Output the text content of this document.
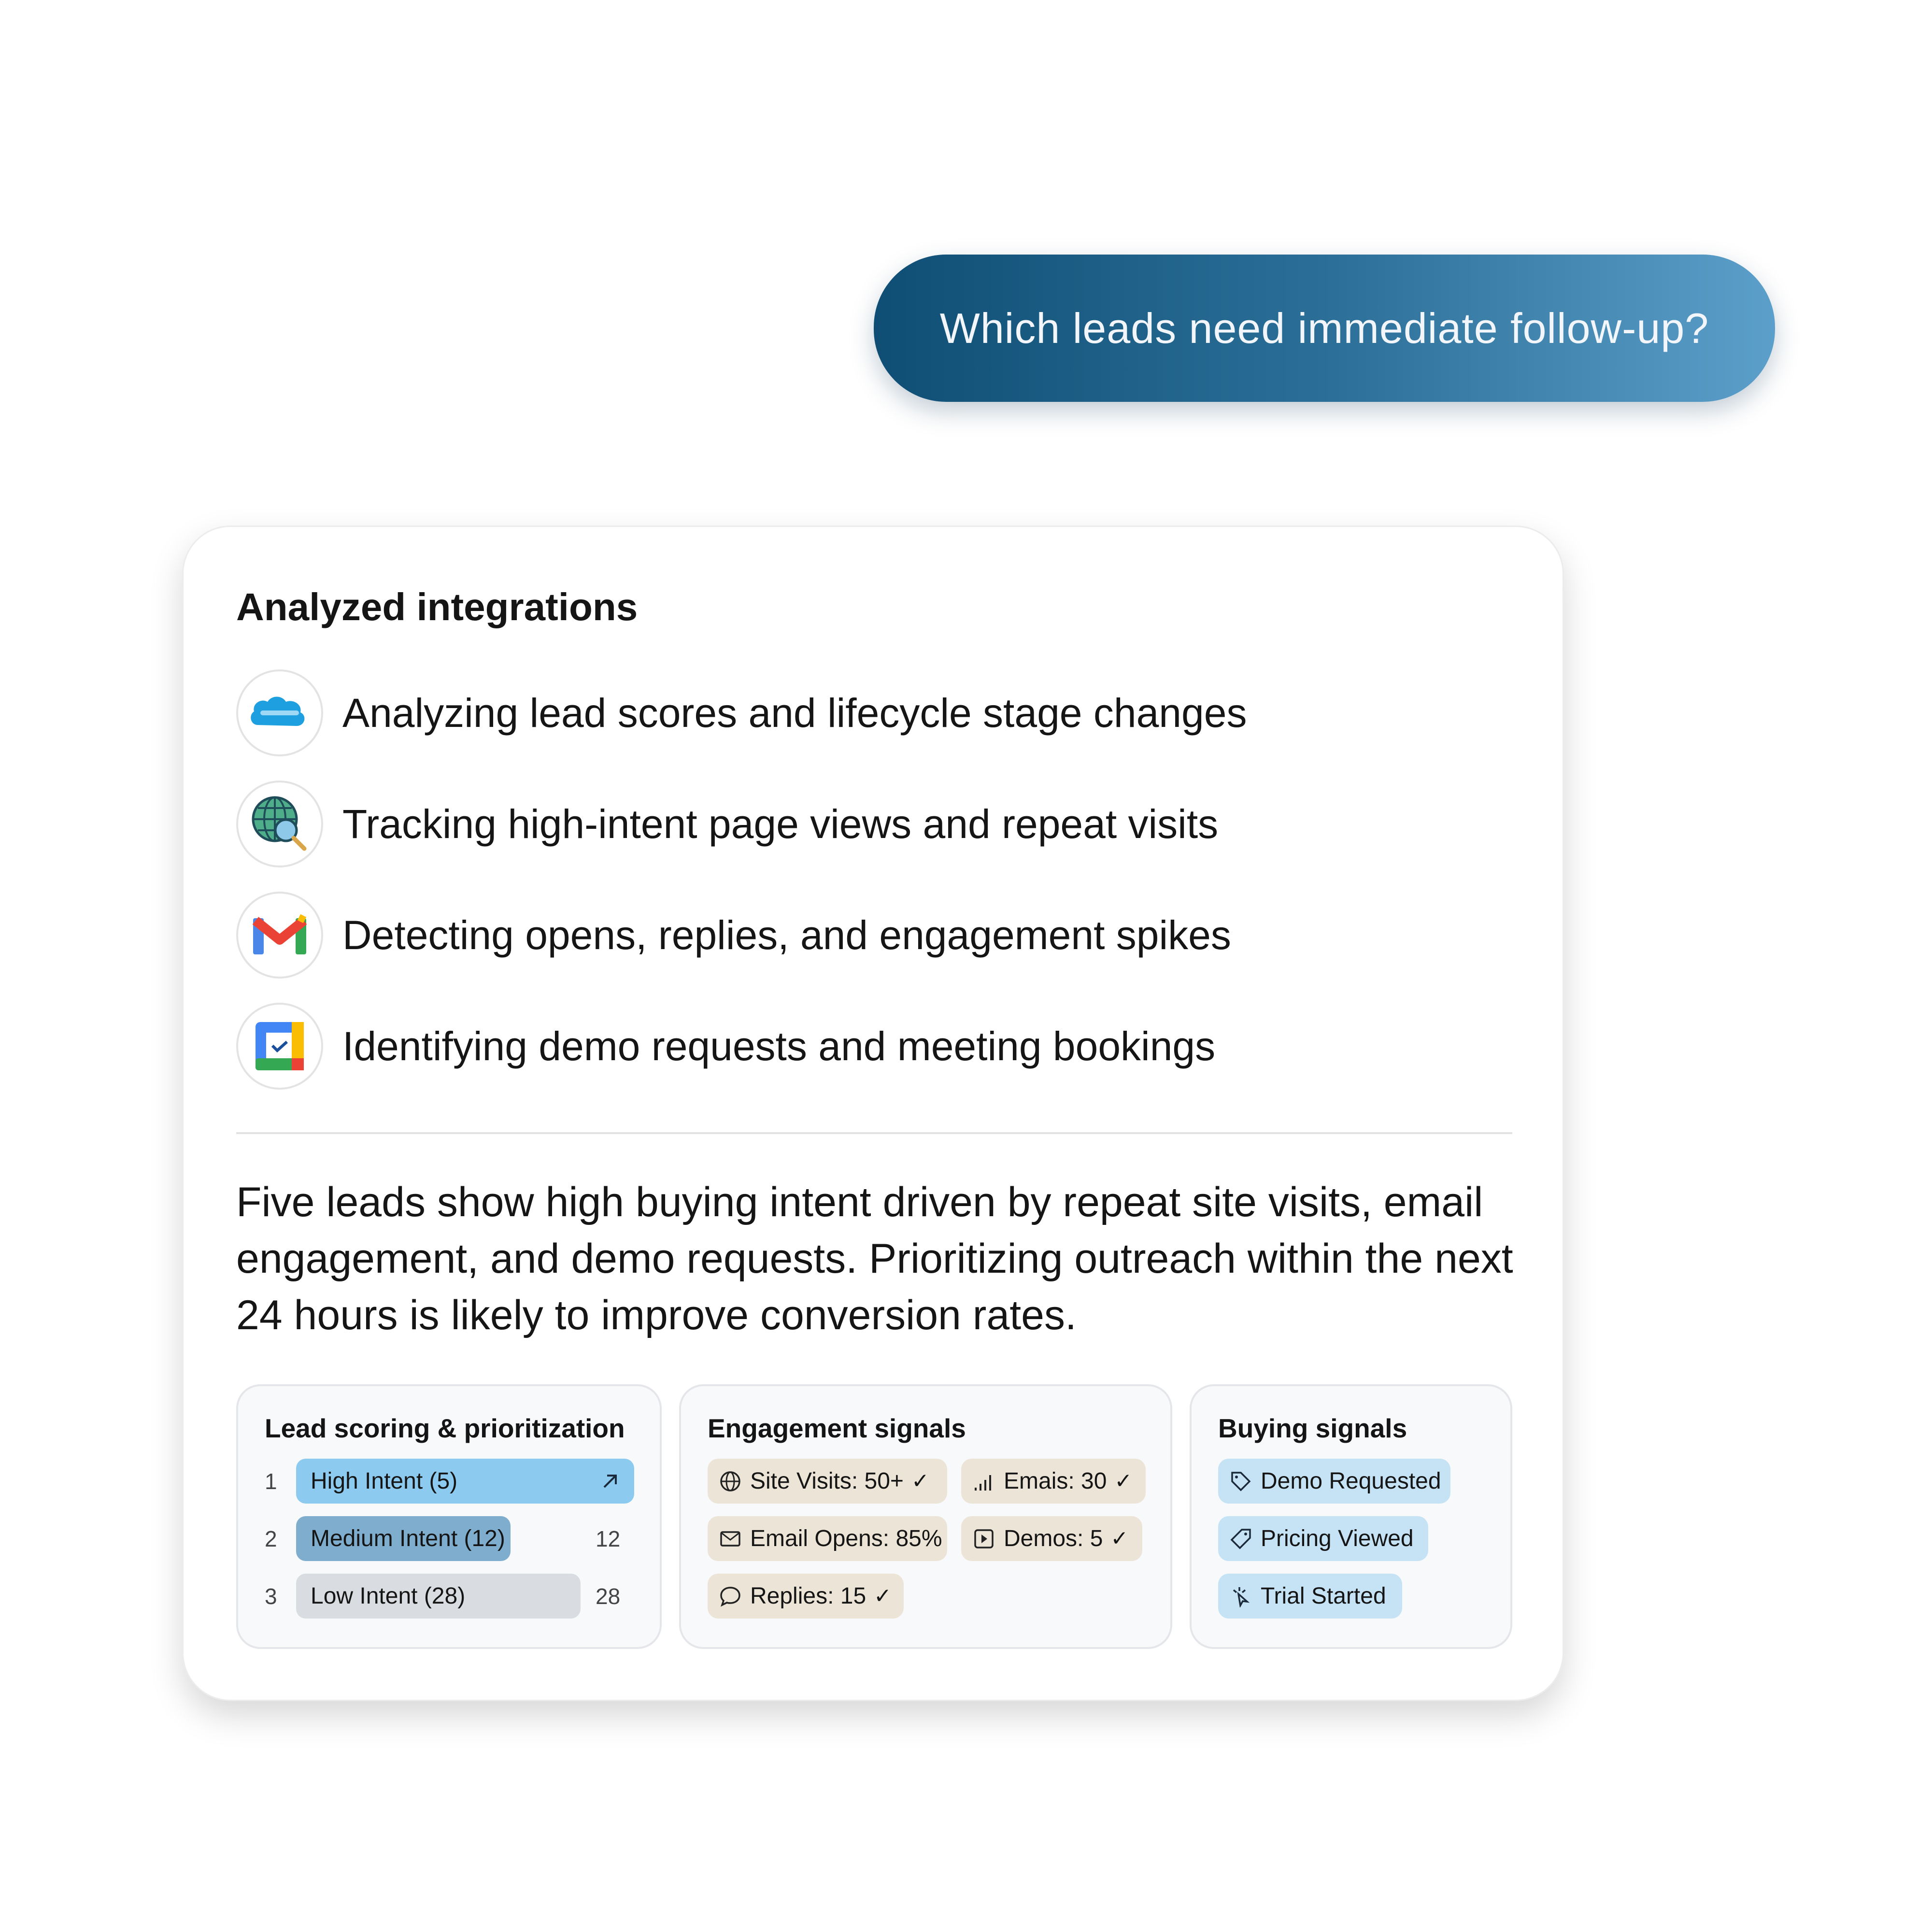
Which leads need immediate follow-up?
Analyzed integrations
Analyzing lead scores and lifecycle stage changes
Tracking high-intent page views and repeat visits
Detecting opens, replies, and engagement spikes
Identifying demo requests and meeting bookings
Five leads show high buying intent driven by repeat site visits, email engagement, and demo requests. Prioritizing outreach within the next 24 hours is likely to improve conversion rates.
Lead scoring & prioritization
1 High Intent (5)
2 Medium Intent (12)	12
3 Low Intent (28)	28
Engagement signals
Site Visits: 50+ ✓	Emais: 30 ✓
Email Opens: 85%	Demos: 5 ✓
Replies: 15 ✓
Buying signals
Demo Requested
Pricing Viewed
Trial Started
